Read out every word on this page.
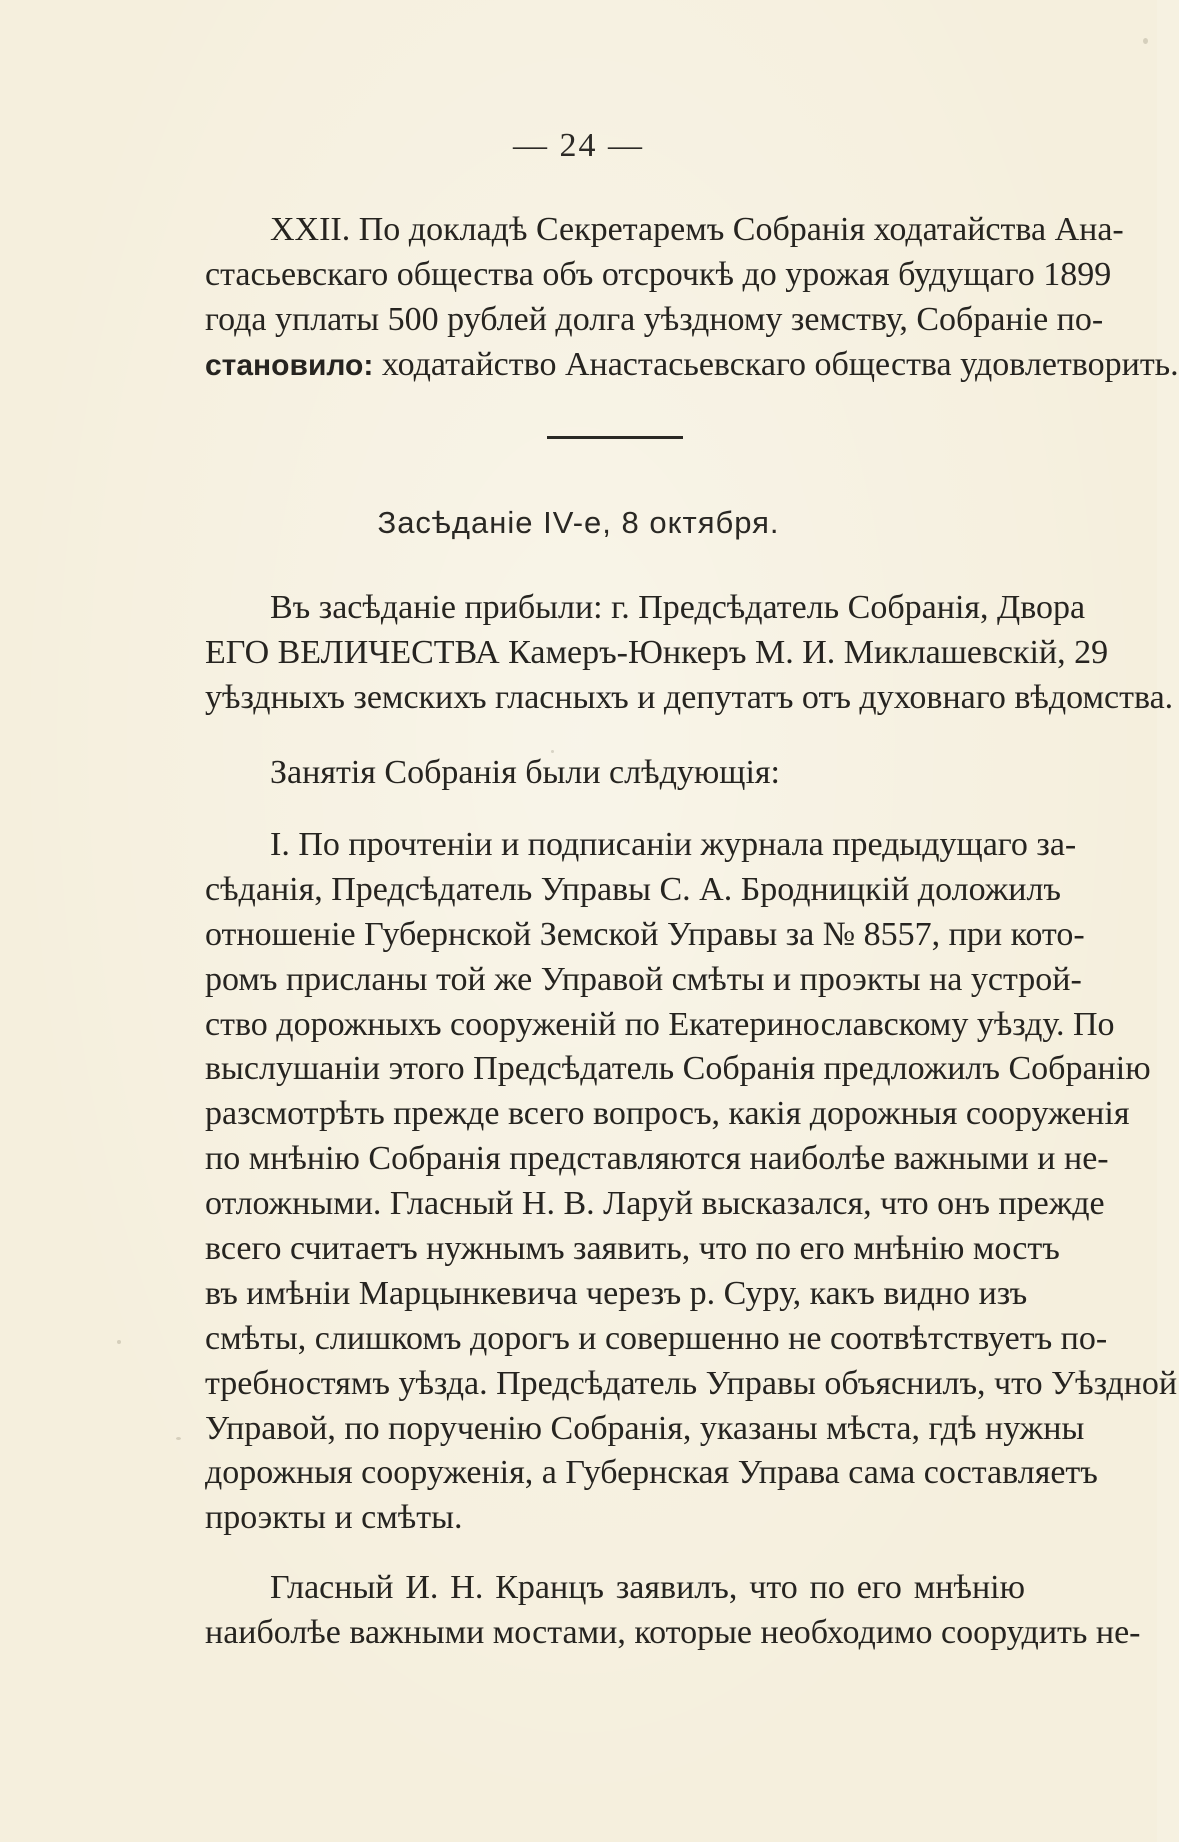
— 24 —
XXII. По докладѣ Секретаремъ Собранія ходатайства Ана-
стасьевскаго общества объ отсрочкѣ до урожая будущаго 1899
года уплаты 500 рублей долга уѣздному земству, Собраніе по-
становило: ходатайство Анастасьевскаго общества удовлетворить.
Засѣданіе IV-е, 8 октября.
Въ засѣданіе прибыли: г. Предсѣдатель Собранія, Двора
ЕГО ВЕЛИЧЕСТВА Камеръ-Юнкеръ М. И. Миклашевскій, 29
уѣздныхъ земскихъ гласныхъ и депутатъ отъ духовнаго вѣдомства.
Занятія Собранія были слѣдующія:
I. По прочтеніи и подписаніи журнала предыдущаго за-
сѣданія, Предсѣдатель Управы С. А. Бродницкій доложилъ
отношеніе Губернской Земской Управы за № 8557, при кото-
ромъ присланы той же Управой смѣты и проэкты на устрой-
ство дорожныхъ сооруженій по Екатеринославскому уѣзду. По
выслушаніи этого Предсѣдатель Собранія предложилъ Собранію
разсмотрѣть прежде всего вопросъ, какія дорожныя сооруженія
по мнѣнію Собранія представляются наиболѣе важными и не-
отложными. Гласный Н. В. Ларуй высказался, что онъ прежде
всего считаетъ нужнымъ заявить, что по его мнѣнію мостъ
въ имѣніи Марцынкевича черезъ р. Суру, какъ видно изъ
смѣты, слишкомъ дорогъ и совершенно не соотвѣтствуетъ по-
требностямъ уѣзда. Предсѣдатель Управы объяснилъ, что Уѣздной
Управой, по порученію Собранія, указаны мѣста, гдѣ нужны
дорожныя сооруженія, а Губернская Управа сама составляетъ
проэкты и смѣты.
Гласный И. Н. Кранцъ заявилъ, что по его мнѣнію
наиболѣе важными мостами, которые необходимо соорудить не-
